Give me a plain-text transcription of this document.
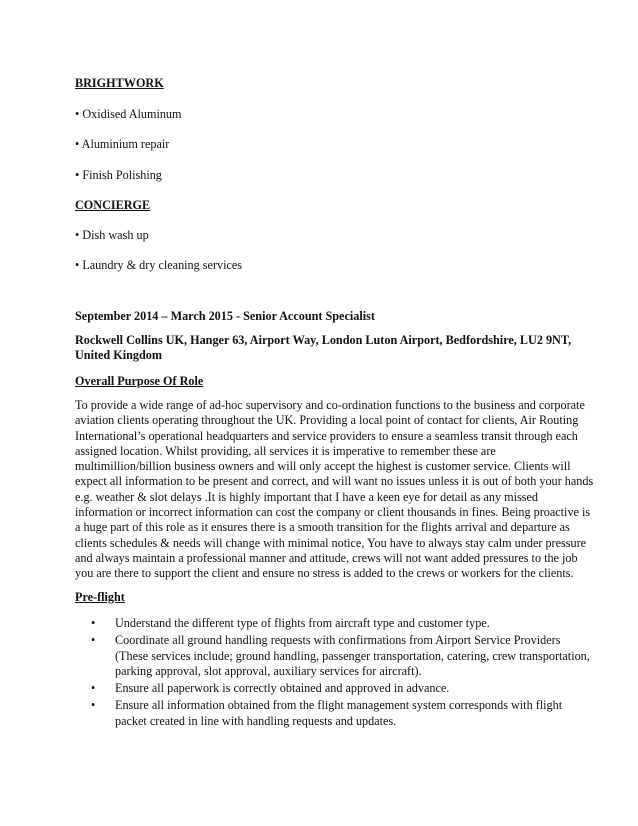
BRIGHTWORK
• Oxidised Aluminum
• Aluminium repair
• Finish Polishing
CONCIERGE
• Dish wash up
• Laundry & dry cleaning services
September 2014 – March 2015 - Senior Account Specialist
Rockwell Collins UK, Hanger 63, Airport Way, London Luton Airport, Bedfordshire, LU2 9NT,
United Kingdom
Overall Purpose Of Role
To provide a wide range of ad-hoc supervisory and co-ordination functions to the business and corporate
aviation clients operating throughout the UK. Providing a local point of contact for clients, Air Routing
International’s operational headquarters and service providers to ensure a seamless transit through each
assigned location. Whilst providing, all services it is imperative to remember these are
multimillion/billion business owners and will only accept the highest is customer service. Clients will
expect all information to be present and correct, and will want no issues unless it is out of both your hands
e.g. weather & slot delays .It is highly important that I have a keen eye for detail as any missed
information or incorrect information can cost the company or client thousands in fines. Being proactive is
a huge part of this role as it ensures there is a smooth transition for the flights arrival and departure as
clients schedules & needs will change with minimal notice, You have to always stay calm under pressure
and always maintain a professional manner and attitude, crews will not want added pressures to the job
you are there to support the client and ensure no stress is added to the crews or workers for the clients.
Pre-flight
• Understand the different type of flights from aircraft type and customer type.
• Coordinate all ground handling requests with confirmations from Airport Service Providers
(These services include; ground handling, passenger transportation, catering, crew transportation,
parking approval, slot approval, auxiliary services for aircraft).
• Ensure all paperwork is correctly obtained and approved in advance.
• Ensure all information obtained from the flight management system corresponds with flight
packet created in line with handling requests and updates.
